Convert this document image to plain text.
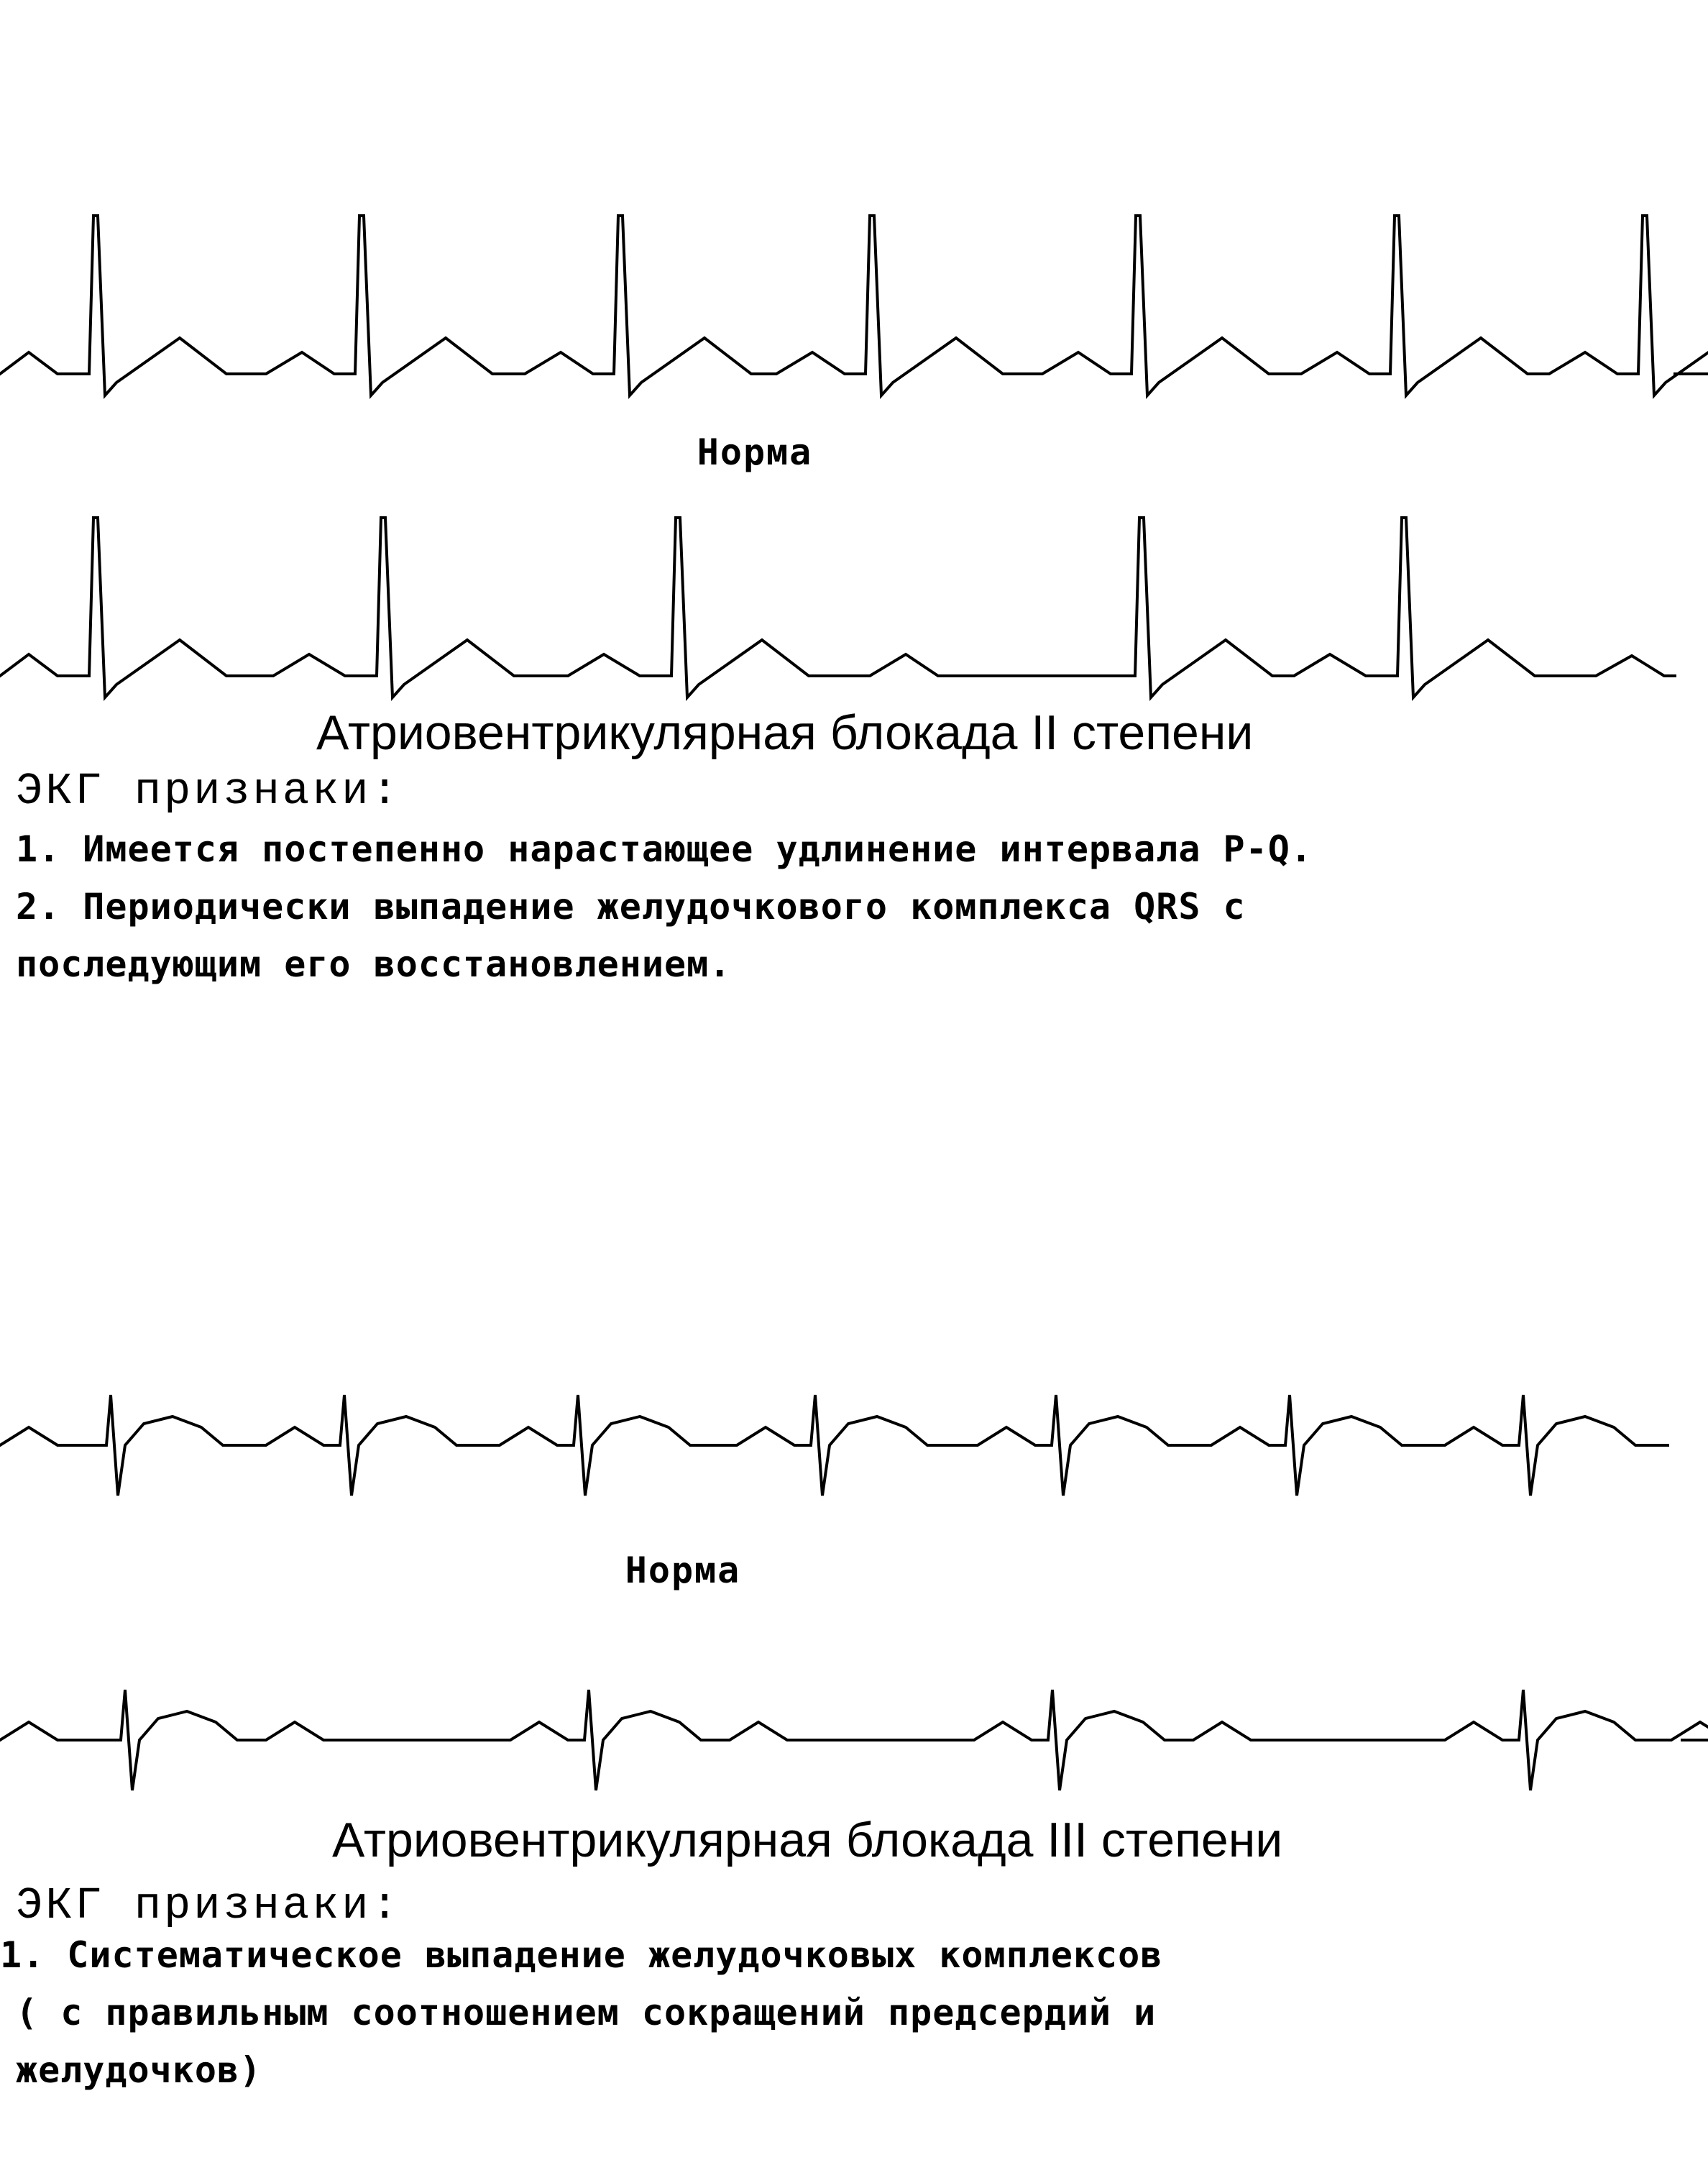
Норма
Атриовентрикулярная блокада II степени
ЭКГ признаки:
1. Имеется постепенно нарастающее удлинение интервала P-Q.
2. Периодически выпадение желудочкового комплекса QRS с
последующим его восстановлением.
Норма
Атриовентрикулярная блокада III степени
ЭКГ признаки:
1. Систематическое выпадение желудочковых комплексов
( с правильным соотношением сокращений предсердий и
желудочков)
